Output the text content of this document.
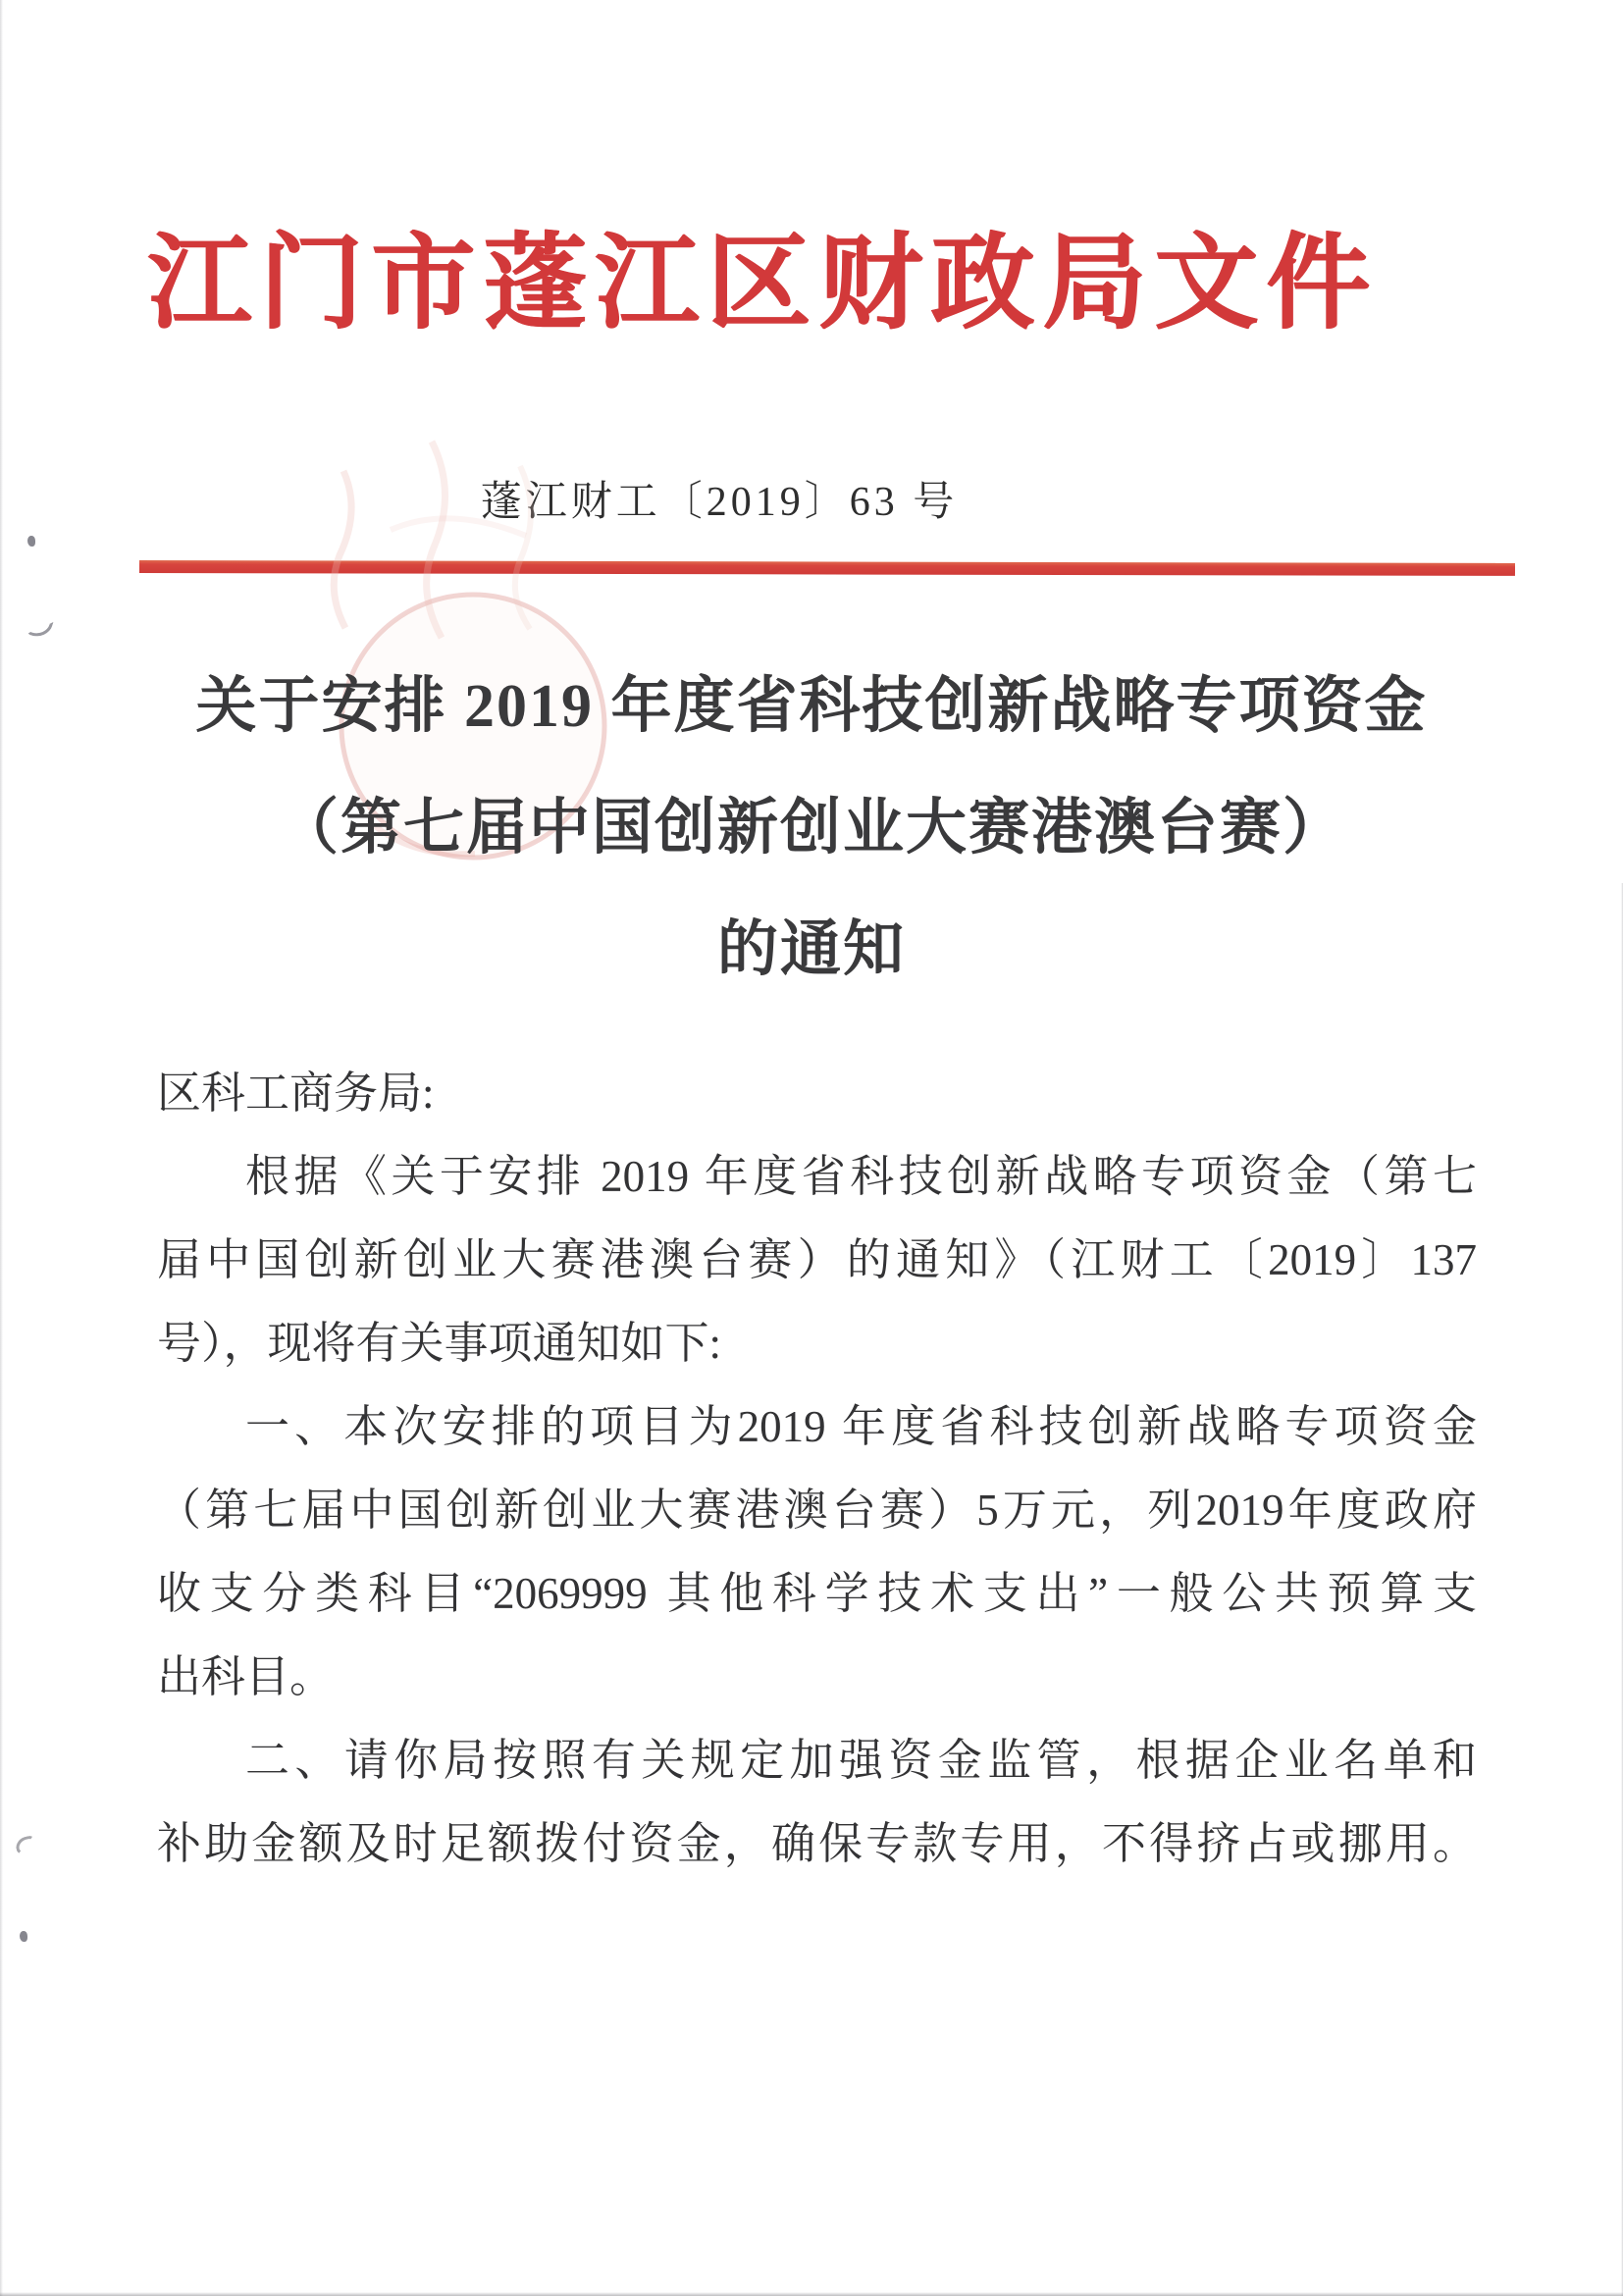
江门市蓬江区财政局文件
蓬江财工〔2019〕63 号
关于安排 2019 年度省科技创新战略专项资金
（第七届中国创新创业大赛港澳台赛）
的通知
区科工商务局:
根据《关于安排 2019 年度省科技创新战略专项资金（第七
届中国创新创业大赛港澳台赛）的通知》（江财工〔2019〕137
号），现将有关事项通知如下:
一、本次安排的项目为2019 年度省科技创新战略专项资金
（第七届中国创新创业大赛港澳台赛）5万元，列2019年度政府
收支分类科目“2069999 其他科学技术支出”一般公共预算支
出科目。
二、请你局按照有关规定加强资金监管，根据企业名单和
补助金额及时足额拨付资金，确保专款专用，不得挤占或挪用。
